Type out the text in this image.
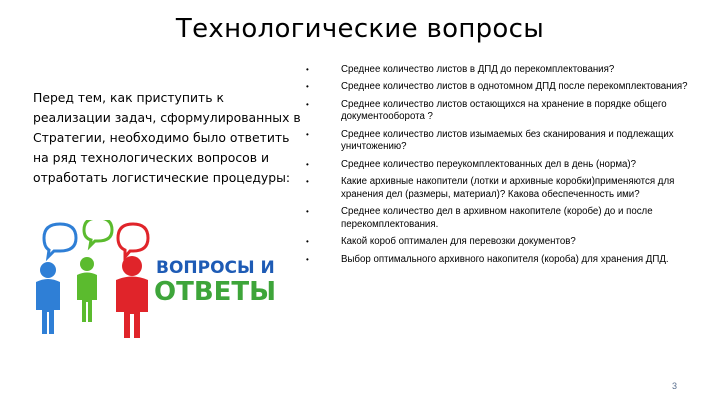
Технологические вопросы
Перед тем, как приступить к реализации задач, сформулированных в Стратегии, необходимо было ответить на ряд технологических вопросов и отработать логистические процедуры:
ВОПРОСЫ И
ОТВЕТЫ
• Среднее количество листов в ДПД до перекомплектования?
• Среднее количество листов в однотомном ДПД после перекомплектования?
• Среднее количество листов остающихся на хранение в порядке общего документооборота ?
• Среднее количество листов изымаемых без сканирования и подлежащих уничтожению?
• Среднее количество переукомплектованных дел в день (норма)?
• Какие архивные накопители (лотки и архивные коробки)применяются для хранения дел (размеры, материал)? Какова обеспеченность ими?
• Среднее количество дел в архивном накопителе (коробе) до и после перекомплектования.
• Какой короб оптимален для перевозки документов?
• Выбор оптимального архивного накопителя (короба) для хранения ДПД.
3
